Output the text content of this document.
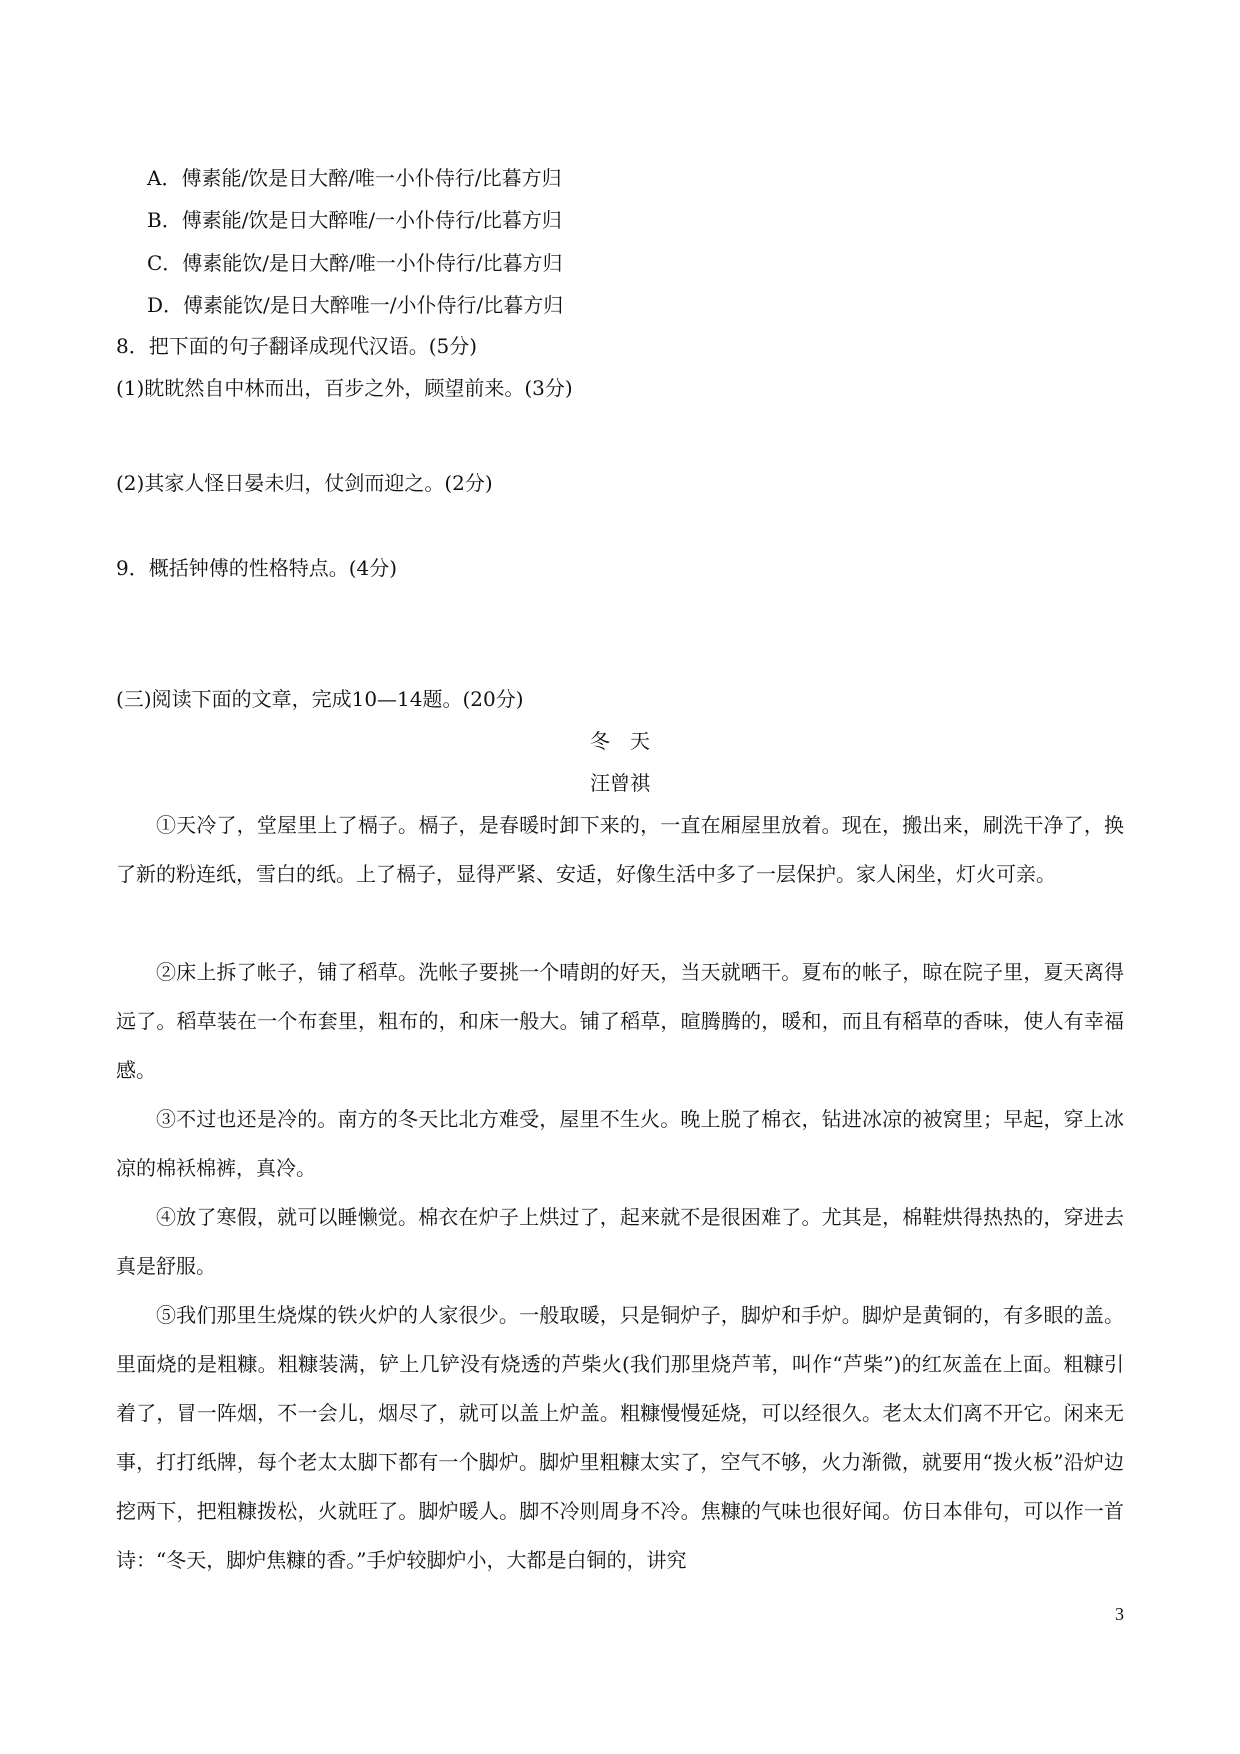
A．傅素能/饮是日大醉/唯一小仆侍行/比暮方归
B．傅素能/饮是日大醉唯/一小仆侍行/比暮方归
C．傅素能饮/是日大醉/唯一小仆侍行/比暮方归
D．傅素能饮/是日大醉唯一/小仆侍行/比暮方归
8．把下面的句子翻译成现代汉语。(5分)
(1)眈眈然自中林而出，百步之外，顾望前来。(3分)
(2)其家人怪日晏未归，仗剑而迎之。(2分)
9．概括钟傅的性格特点。(4分)
(三)阅读下面的文章，完成10—14题。(20分)
冬　天
汪曾祺
①天冷了，堂屋里上了槅子。槅子，是春暖时卸下来的，一直在厢屋里放着。现在，搬出来，刷洗干净了，换了新的粉连纸，雪白的纸。上了槅子，显得严紧、安适，好像生活中多了一层保护。家人闲坐，灯火可亲。
②床上拆了帐子，铺了稻草。洗帐子要挑一个晴朗的好天，当天就晒干。夏布的帐子，晾在院子里，夏天离得远了。稻草装在一个布套里，粗布的，和床一般大。铺了稻草，暄腾腾的，暖和，而且有稻草的香味，使人有幸福感。
③不过也还是冷的。南方的冬天比北方难受，屋里不生火。晚上脱了棉衣，钻进冰凉的被窝里；早起，穿上冰凉的棉袄棉裤，真冷。
④放了寒假，就可以睡懒觉。棉衣在炉子上烘过了，起来就不是很困难了。尤其是，棉鞋烘得热热的，穿进去真是舒服。
⑤我们那里生烧煤的铁火炉的人家很少。一般取暖，只是铜炉子，脚炉和手炉。脚炉是黄铜的，有多眼的盖。里面烧的是粗糠。粗糠装满，铲上几铲没有烧透的芦柴火(我们那里烧芦苇，叫作“芦柴”)的红灰盖在上面。粗糠引着了，冒一阵烟，不一会儿，烟尽了，就可以盖上炉盖。粗糠慢慢延烧，可以经很久。老太太们离不开它。闲来无事，打打纸牌，每个老太太脚下都有一个脚炉。脚炉里粗糠太实了，空气不够，火力渐微，就要用“拨火板”沿炉边挖两下，把粗糠拨松，火就旺了。脚炉暖人。脚不冷则周身不冷。焦糠的气味也很好闻。仿日本俳句，可以作一首诗：“冬天，脚炉焦糠的香。”手炉较脚炉小，大都是白铜的，讲究
3
